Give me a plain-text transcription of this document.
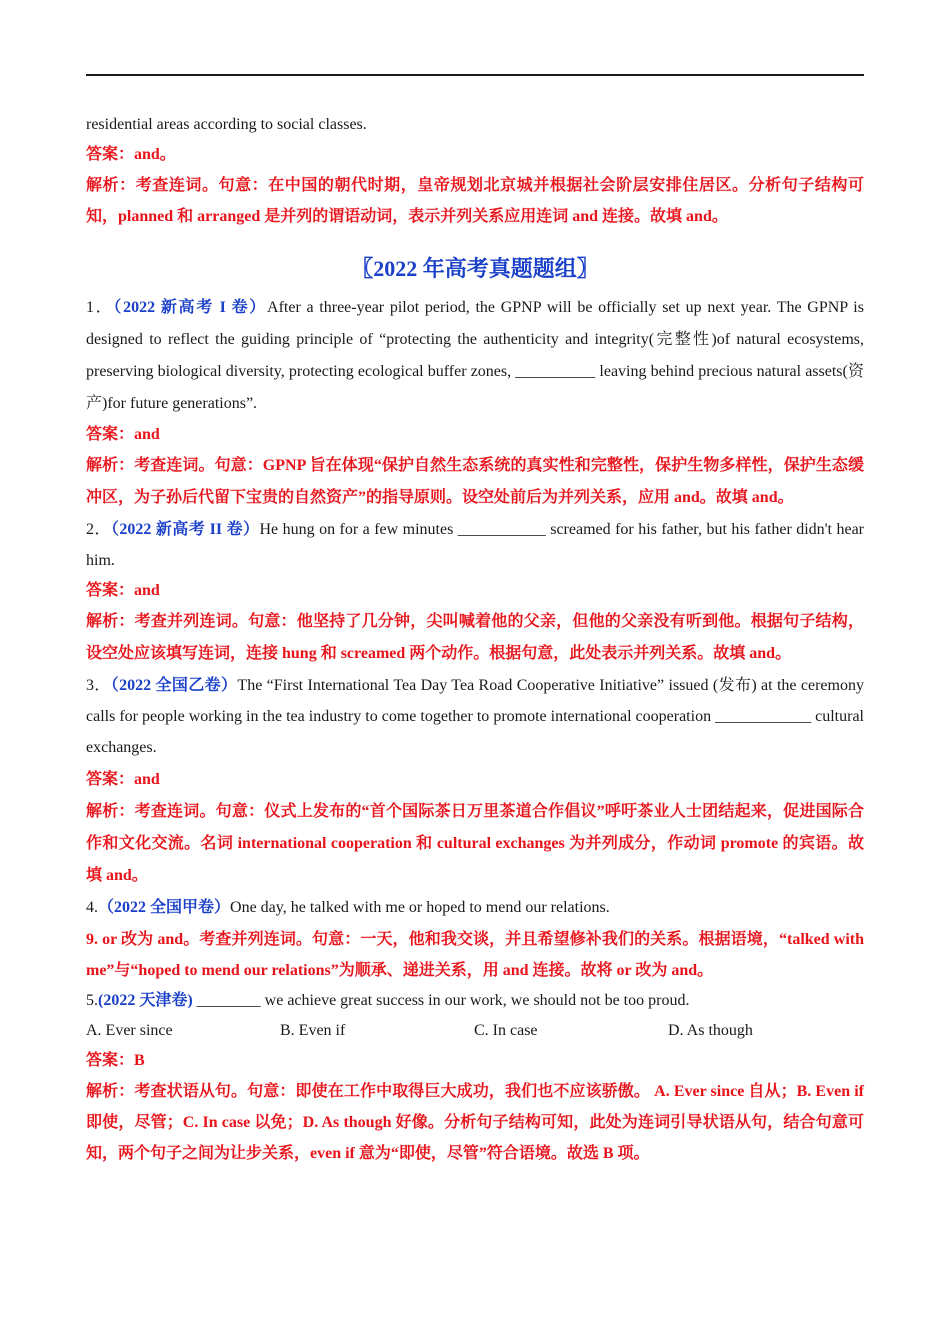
residential areas according to social classes.
答案：and。
解析：考查连词。句意：在中国的朝代时期，皇帝规划北京城并根据社会阶层安排住居区。分析句子结构可知，planned 和 arranged 是并列的谓语动词，表示并列关系应用连词 and 连接。故填 and。
〖2022 年高考真题题组〗
1．（2022 新高考 I 卷）After a three-year pilot period, the GPNP will be officially set up next year. The GPNP is designed to reflect the guiding principle of “protecting the authenticity and integrity(完整性)of natural ecosystems, preserving biological diversity, protecting ecological buffer zones, __________ leaving behind precious natural assets(资产)for future generations”.
答案：and
解析：考查连词。句意：GPNP 旨在体现“保护自然生态系统的真实性和完整性，保护生物多样性，保护生态缓冲区，为子孙后代留下宝贵的自然资产”的指导原则。设空处前后为并列关系，应用 and。故填 and。
2．（2022 新高考 II 卷）He hung on for a few minutes ___________ screamed for his father, but his father didn't hear him.
答案：and
解析：考查并列连词。句意：他坚持了几分钟，尖叫喊着他的父亲，但他的父亲没有听到他。根据句子结构，设空处应该填写连词，连接 hung 和 screamed 两个动作。根据句意，此处表示并列关系。故填 and。
3．（2022 全国乙卷）The “First International Tea Day Tea Road Cooperative Initiative” issued (发布) at the ceremony calls for people working in the tea industry to come together to promote international cooperation ____________ cultural exchanges.
答案：and
解析：考查连词。句意：仪式上发布的“首个国际茶日万里茶道合作倡议”呼吁茶业人士团结起来，促进国际合作和文化交流。名词 international cooperation 和 cultural exchanges 为并列成分，作动词 promote 的宾语。故填 and。
4.（2022 全国甲卷）One day, he talked with me or hoped to mend our relations.
9. or 改为 and。考查并列连词。句意：一天，他和我交谈，并且希望修补我们的关系。根据语境，“talked with me”与“hoped to mend our relations”为顺承、递进关系，用 and 连接。故将 or 改为 and。
5.(2022 天津卷) ________ we achieve great success in our work, we should not be too proud.
A. Ever since	B. Even if	C. In case	D. As though
答案：B
解析：考查状语从句。句意：即使在工作中取得巨大成功，我们也不应该骄傲。 A. Ever since 自从；B. Even if 即使，尽管；C. In case 以免；D. As though 好像。分析句子结构可知，此处为连词引导状语从句，结合句意可知，两个句子之间为让步关系，even if 意为“即使，尽管”符合语境。故选 B 项。
